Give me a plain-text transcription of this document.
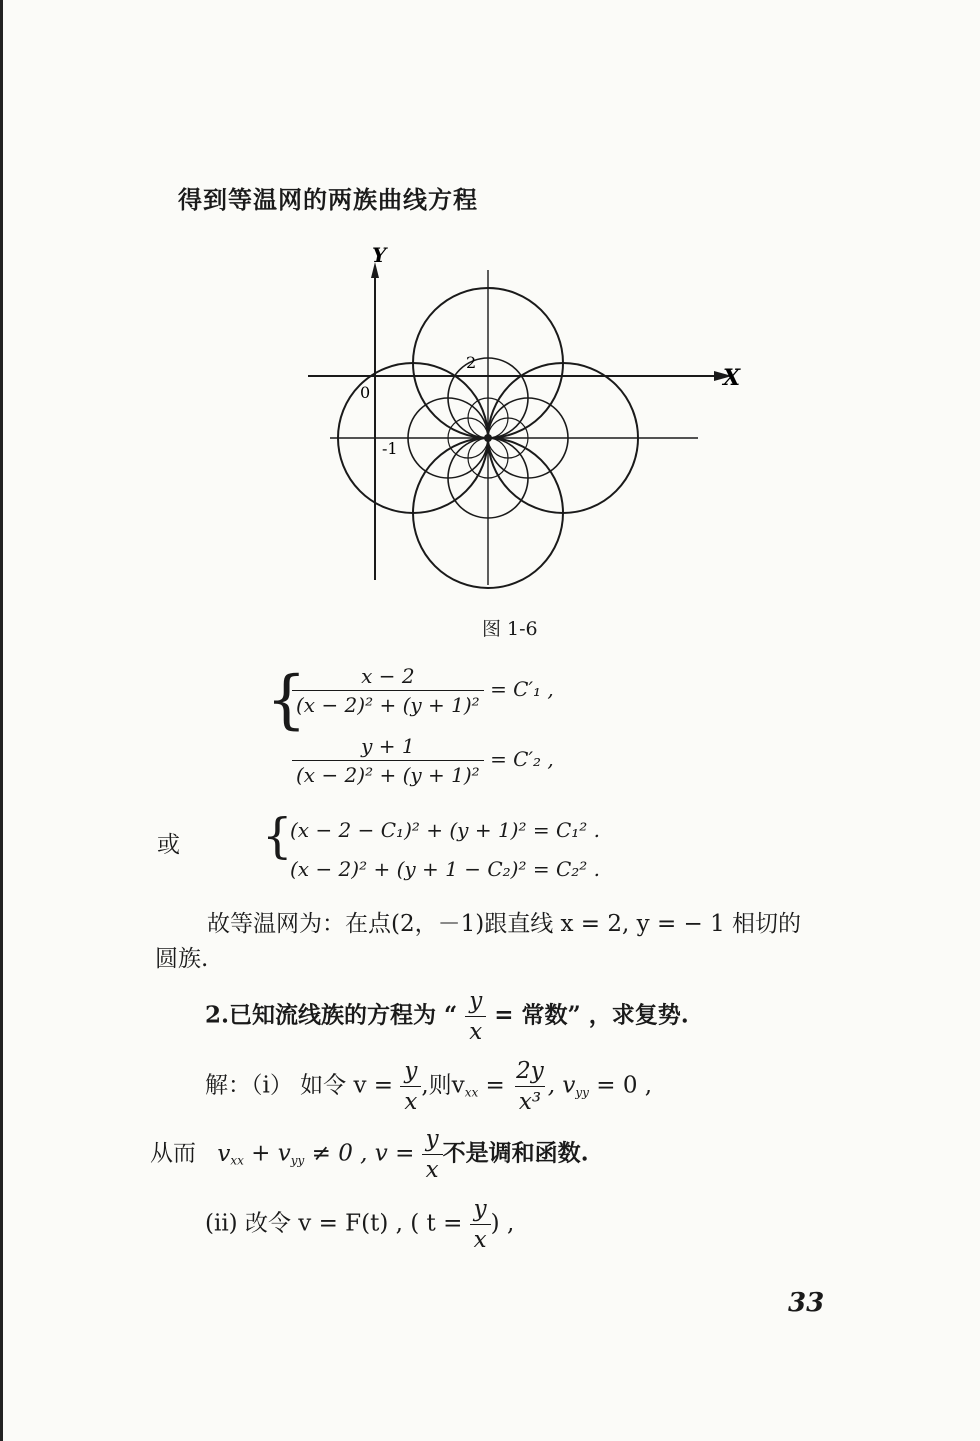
得到等温网的两族曲线方程
Y
X
2
0
-1
图 1-6
{
$\frac{x - 2}{\text{(x − 2)² + (y + 1)²}} = C'_1$ ,
$\frac{y + 1}{\text{(x − 2)² + (y + 1)²}} = C'_2$ ,
或 {
(x − 2 − C₁)² + (y + 1)² = C₁² .
(x − 2)² + (y + 1 − C₂)² = C₂² .
故等温网为：在点(2，－1)跟直线 x = 2, y = − 1 相切的
圆族.
2.已知流线族的方程为 “ $\frac{y}{x}$ = 常数” ，求复势.
解：（i） 如令 $v = \frac{y}{x}$ ,则$v_{xx} = \frac{2y}{\text{x³}}$ , $v_{yy} = 0$ ,
从而 $v_{xx} + v_{yy} \ne 0$ , $v = \frac{y}{x}$ 不是调和函数.
(ii) 改令 v = F(t) , ( $t = \frac{y}{x}$ ) ,
33
